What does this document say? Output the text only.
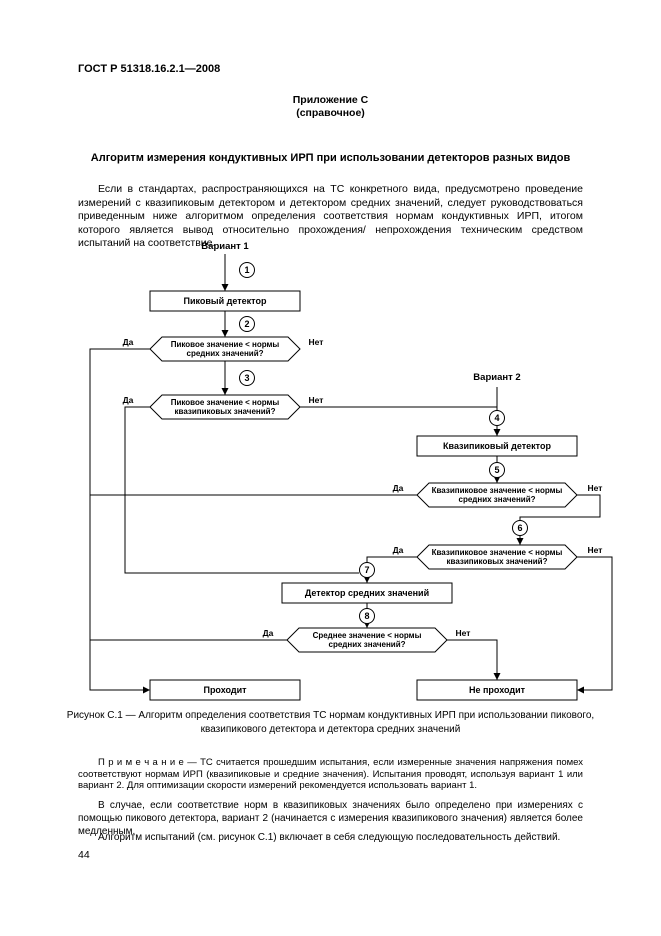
ГОСТ Р 51318.16.2.1—2008
Приложение С
(справочное)
Алгоритм измерения кондуктивных ИРП при использовании детекторов разных видов
Если в стандартах, распространяющихся на ТС конкретного вида, предусмотрено проведение измерений с квазипиковым детектором и детектором средних значений, следует руководствоваться приведенным ниже алгоритмом определения соответствия нормам кондуктивных ИРП, итогом которого является вывод относительно прохождения/ непрохождения техническим средством испытаний на соответствие.
Вариант 1
Вариант 2
Пиковый детектор
Квазипиковый детектор
Детектор средних значений
Проходит	Не проходит
Пиковое значение < нормы
средних значений?
Пиковое значение < нормы
квазипиковых значений?
Квазипиковое значение < нормы
средних значений?
Квазипиковое значение < нормы
квазипиковых значений?
Среднее значение < нормы
средних значений?
Да	Нет
Да	Нет
Да	Нет
Да	Нет
Да	Нет
1
2
3
4
5
6
7
8
Рисунок С.1 — Алгоритм определения соответствия ТС нормам кондуктивных ИРП при использовании пикового,
квазипикового детектора и детектора средних значений
П р и м е ч а н и е — ТС считается прошедшим испытания, если измеренные значения напряжения помех соответствуют нормам ИРП (квазипиковые и средние значения). Испытания проводят, используя вариант 1 или вариант 2. Для оптимизации скорости измерений рекомендуется использовать вариант 1.
В случае, если соответствие норм в квазипиковых значениях было определено при измерениях с помощью пикового детектора, вариант 2 (начинается с измерения квазипикового значения) является более медленным.
Алгоритм испытаний (см. рисунок С.1) включает в себя следующую последовательность действий.
44
